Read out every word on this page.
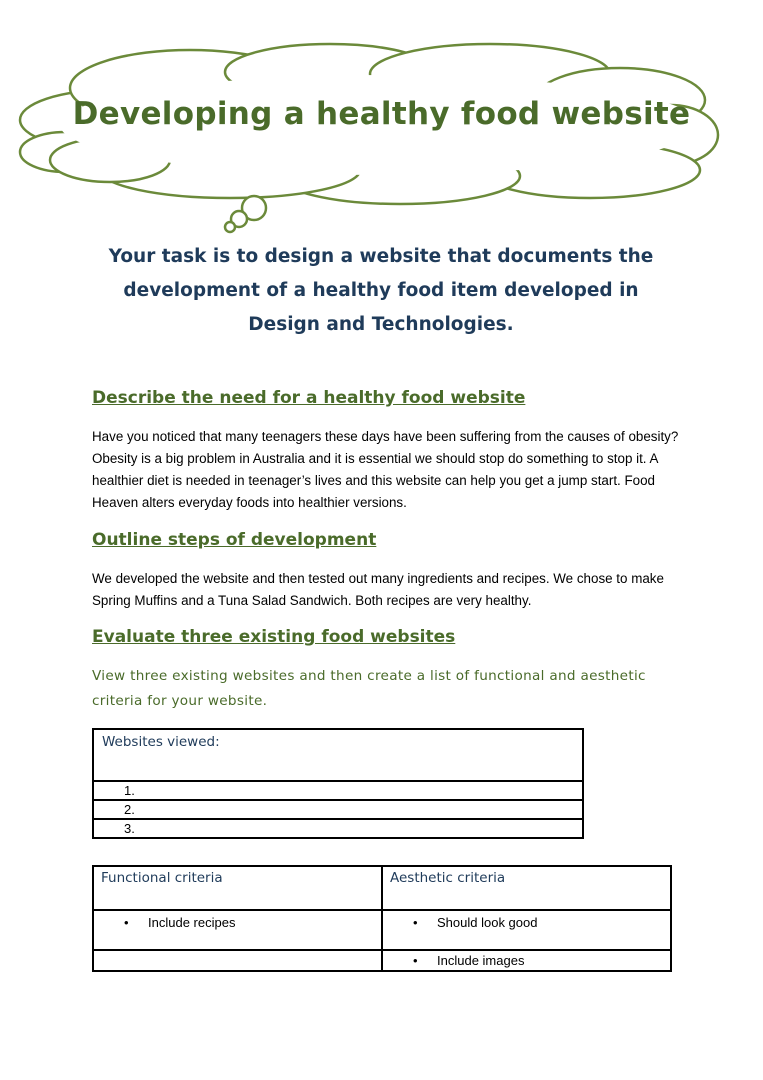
Developing a healthy food website

Your task is to design a website that documents the development of a healthy food item developed in Design and Technologies.

Describe the need for a healthy food website

Have you noticed that many teenagers these days have been suffering from the causes of obesity? Obesity is a big problem in Australia and it is essential we should stop do something to stop it. A healthier diet is needed in teenager’s lives and this website can help you get a jump start. Food Heaven alters everyday foods into healthier versions.

Outline steps of development

We developed the website and then tested out many ingredients and recipes. We chose to make Spring Muffins and a Tuna Salad Sandwich. Both recipes are very healthy.

Evaluate three existing food websites

View three existing websites and then create a list of functional and aesthetic criteria for your website.

Websites viewed:
1.
2.
3.
Functional criteria	Aesthetic criteria
• Include recipes	• Should look good
	• Include images
